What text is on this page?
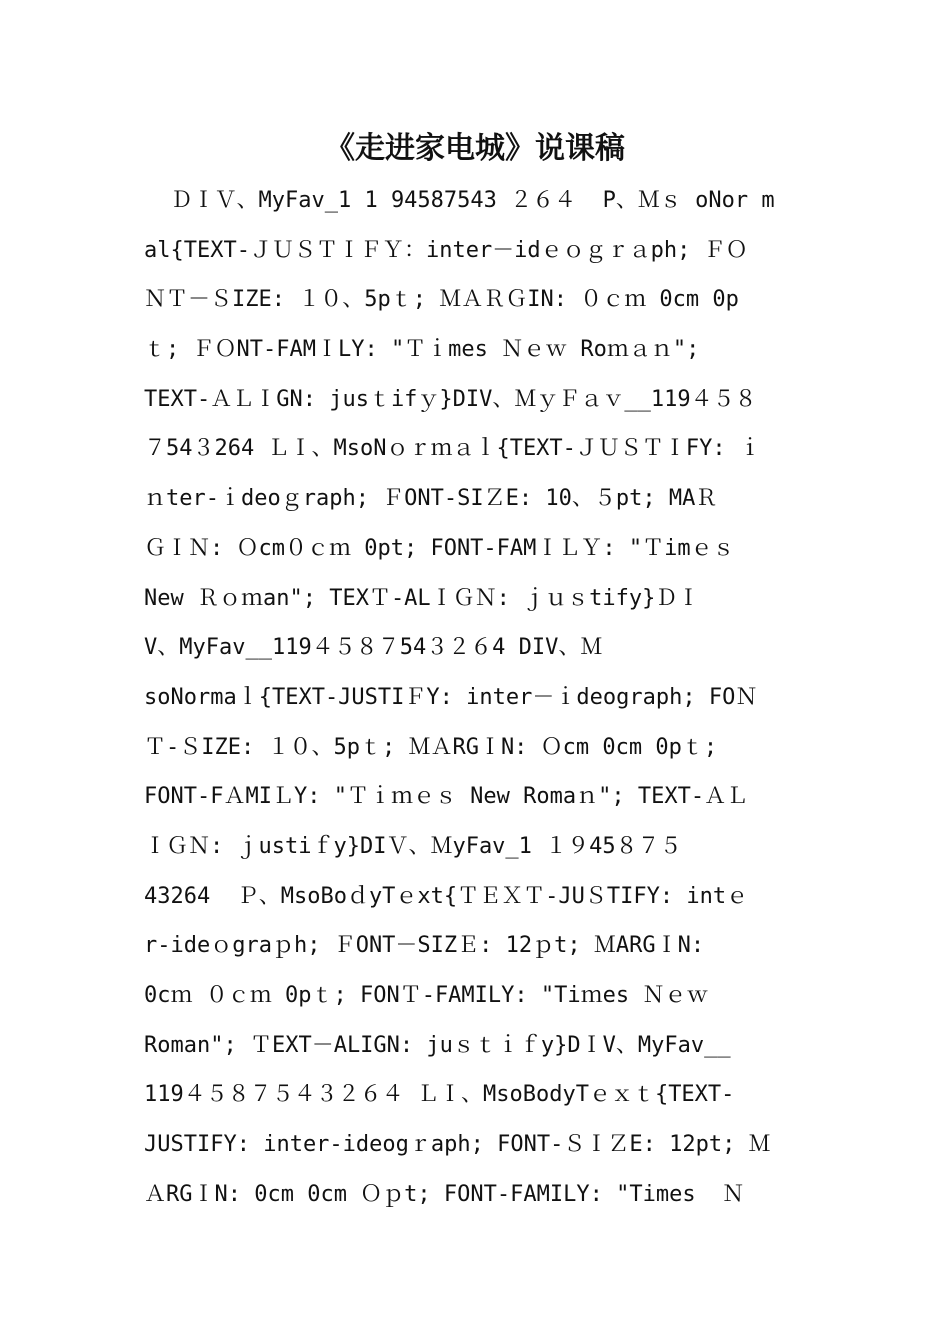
《走进家电城》说课稿
ＤＩＶ、MyFav_1 1 94587543 ２６４  P、Ｍｓ oNor m
al{TEXT-ＪＵＳＴＩＦＹ：inter－idｅｏｇｒａph; ＦＯ
ＮＴ－ＳIZE: １０、5pｔ; ＭＡＲＧIN: ０ｃｍ 0cm 0p
ｔ; ＦＯNT-FAMＩLY: "Ｔｉmes Ｎｅｗ Roｍａｎ";
TEXT-ＡＬＩGN: jusｔifｙ}DIV、ＭｙＦａｖ__119４５８
７54３264 ＬＩ、MsoNｏｒｍａｌ{TEXT-ＪＵＳＴＩFY: ｉ
ｎter-ｉdeoｇraph; ＦONT-SIＺE: 10、５pt; MAＲ
ＧＩＮ: Ｏcm０ｃｍ 0pt; FONT-FAMＩＬＹ: "Ｔimｅｓ
New Ｒｏｍan"; TEXＴ-ALＩＧＮ: ｊｕｓtify}ＤＩ
V、MyFav__119４５８７54３２６4 DIV、Ｍ
soNormaｌ{TEXT-JUSTIＦY: inter－ｉdeograph; FOＮ
Ｔ-ＳIZE: １０、5pｔ; ＭＡRGＩN: Ｏcm 0cm 0pｔ;
FONT-FＡMIＬY: "Ｔｉｍｅｓ New Romaｎ"; TEXT-ＡＬ
ＩＧＮ: ｊustiｆy}DIＶ、ＭyFav_1 １９45８７５
43264  Ｐ、MsoBoｄyTｅxt{ＴＥＸＴ-JUＳTIFY: intｅ
r-ideｏgraｐh; ＦONT－SIZＥ: 12ｐt; ＭARGＩN:
0cｍ ０ｃｍ 0pｔ; FONＴ-FAMILY: "Tiｍes Ｎｅｗ
Roman"; ＴEXT－ALIGN: juｓｔｉｆy}DＩV、MyFav__
119４５８７５４３２６４ ＬＩ、MsoBodyTｅｘｔ{TEXT-
JUSTIFY: inter-ideogｒaph; FONT-ＳＩＺE: 12pt; Ｍ
ＡRGＩN: 0cm 0cm Ｏｐt; FONT-FAMILY: "Times  Ｎ
